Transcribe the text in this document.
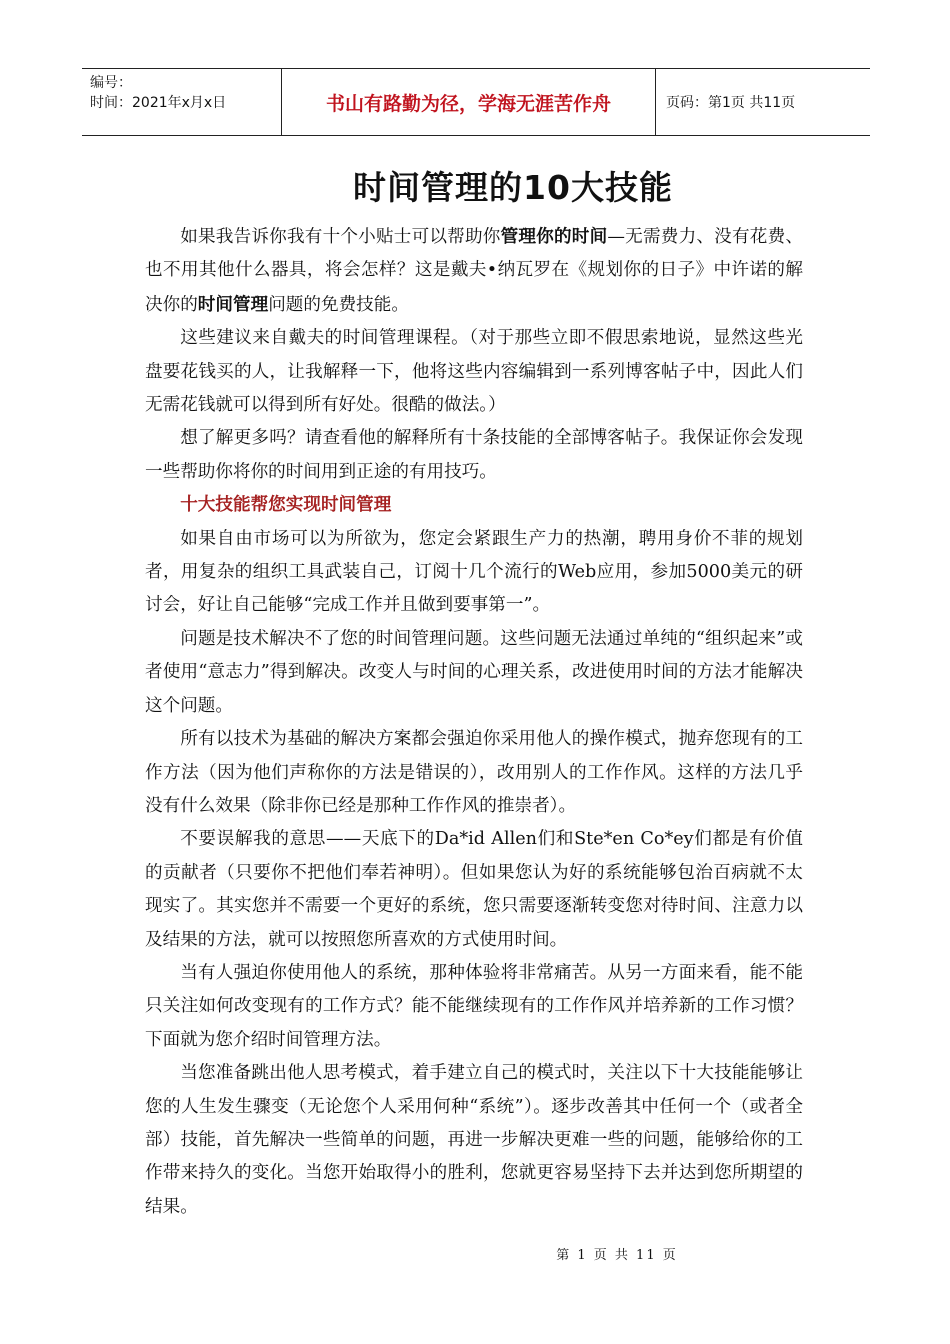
编号：
时间：2021年x月x日	书山有路勤为径，学海无涯苦作舟	页码：第1页 共11页
时间管理的10大技能

如果我告诉你我有十个小贴士可以帮助你管理你的时间—无需费力、没有花费、也不用其他什么器具，将会怎样？这是戴夫•纳瓦罗在《规划你的日子》中许诺的解决你的时间管理问题的免费技能。

这些建议来自戴夫的时间管理课程。（对于那些立即不假思索地说，显然这些光盘要花钱买的人，让我解释一下，他将这些内容编辑到一系列博客帖子中，因此人们无需花钱就可以得到所有好处。很酷的做法。）

想了解更多吗？请查看他的解释所有十条技能的全部博客帖子。我保证你会发现一些帮助你将你的时间用到正途的有用技巧。

十大技能帮您实现时间管理

如果自由市场可以为所欲为，您定会紧跟生产力的热潮，聘用身价不菲的规划者，用复杂的组织工具武装自己，订阅十几个流行的Web应用，参加5000美元的研讨会，好让自己能够“完成工作并且做到要事第一”。

问题是技术解决不了您的时间管理问题。这些问题无法通过单纯的“组织起来”或者使用“意志力”得到解决。改变人与时间的心理关系，改进使用时间的方法才能解决这个问题。

所有以技术为基础的解决方案都会强迫你采用他人的操作模式，抛弃您现有的工作方法（因为他们声称你的方法是错误的），改用别人的工作作风。这样的方法几乎没有什么效果（除非你已经是那种工作作风的推崇者）。

不要误解我的意思——天底下的Da*id Allen们和Ste*en Co*ey们都是有价值的贡献者（只要你不把他们奉若神明）。但如果您认为好的系统能够包治百病就不太现实了。其实您并不需要一个更好的系统，您只需要逐渐转变您对待时间、注意力以及结果的方法，就可以按照您所喜欢的方式使用时间。

当有人强迫你使用他人的系统，那种体验将非常痛苦。从另一方面来看，能不能只关注如何改变现有的工作方式？能不能继续现有的工作作风并培养新的工作习惯？下面就为您介绍时间管理方法。

当您准备跳出他人思考模式，着手建立自己的模式时，关注以下十大技能能够让您的人生发生骤变（无论您个人采用何种“系统”）。逐步改善其中任何一个（或者全部）技能，首先解决一些简单的问题，再进一步解决更难一些的问题，能够给你的工作带来持久的变化。当您开始取得小的胜利，您就更容易坚持下去并达到您所期望的结果。

第 1 页 共 11 页
